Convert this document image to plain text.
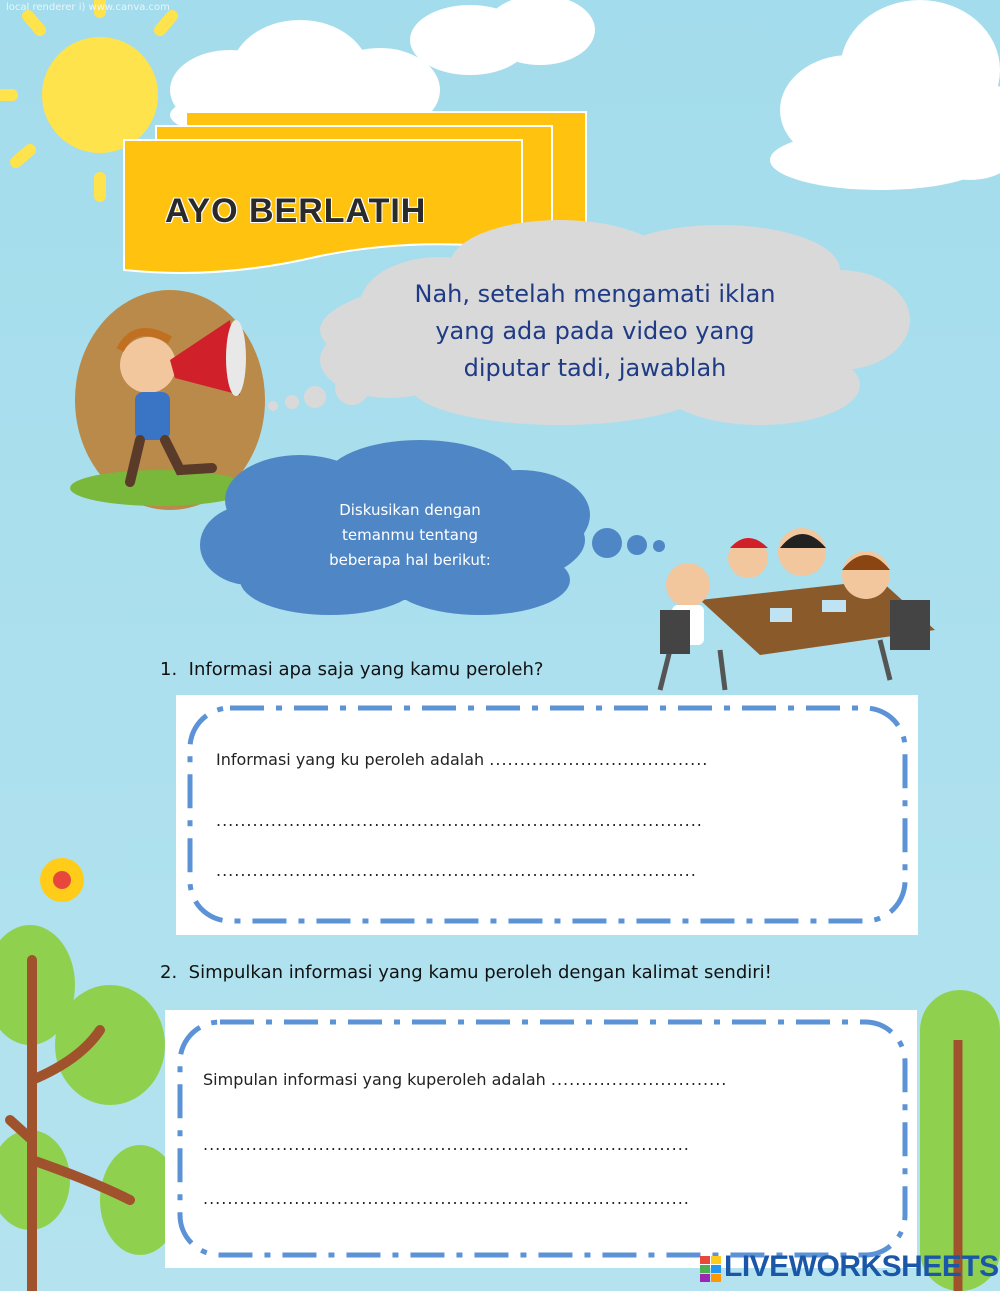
local renderer i) www.canva.com
AYO BERLATIH
Nah, setelah mengamati iklan
yang ada pada video yang
diputar tadi, jawablah
Diskusikan dengan
temanmu tentang
beberapa hal berikut:
1. Informasi apa saja yang kamu peroleh?
Informasi yang ku peroleh adalah ....................................
................................................................................
...............................................................................
2. Simpulkan informasi yang kamu peroleh dengan kalimat sendiri!
Simpulan informasi yang kuperoleh adalah .............................
................................................................................
................................................................................
LIVEWORKSHEETS
